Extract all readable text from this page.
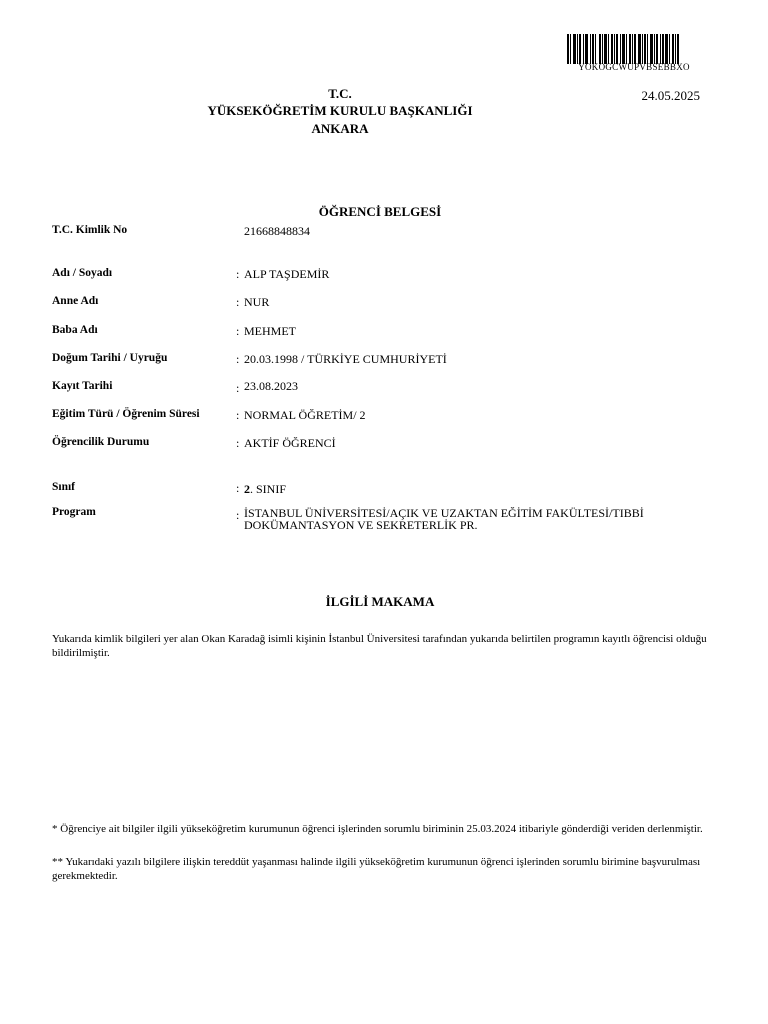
YOKOGCWUPVBSEBBXO
T.C.
YÜKSEKÖĞRETİM KURULU BAŞKANLIĞI
ANKARA
24.05.2025
ÖĞRENCİ BELGESİ
T.C. Kimlik No	21668848834
Adı / Soyadı	: ALP TAŞDEMİR
Anne Adı	: NUR
Baba Adı	: MEHMET
Doğum Tarihi / Uyruğu	: 20.03.1998 / TÜRKİYE CUMHURİYETİ
Kayıt Tarihi	: 23.08.2023
Eğitim Türü / Öğrenim Süresi	: NORMAL ÖĞRETİM/ 2
Öğrencilik Durumu	: AKTİF ÖĞRENCİ
Sınıf	: 2. SINIF
Program	: İSTANBUL ÜNİVERSİTESİ/AÇIK VE UZAKTAN EĞİTİM FAKÜLTESİ/TIBBİ
DOKÜMANTASYON VE SEKRETERLİK PR.
İLGİLİ MAKAMA
Yukarıda kimlik bilgileri yer alan Okan Karadağ isimli kişinin İstanbul Üniversitesi tarafından yukarıda belirtilen programın kayıtlı öğrencisi olduğu bildirilmiştir.
* Öğrenciye ait bilgiler ilgili yükseköğretim kurumunun öğrenci işlerinden sorumlu biriminin 25.03.2024 itibariyle gönderdiği veriden derlenmiştir.
** Yukarıdaki yazılı bilgilere ilişkin tereddüt yaşanması halinde ilgili yükseköğretim kurumunun öğrenci işlerinden sorumlu birimine başvurulması gerekmektedir.
